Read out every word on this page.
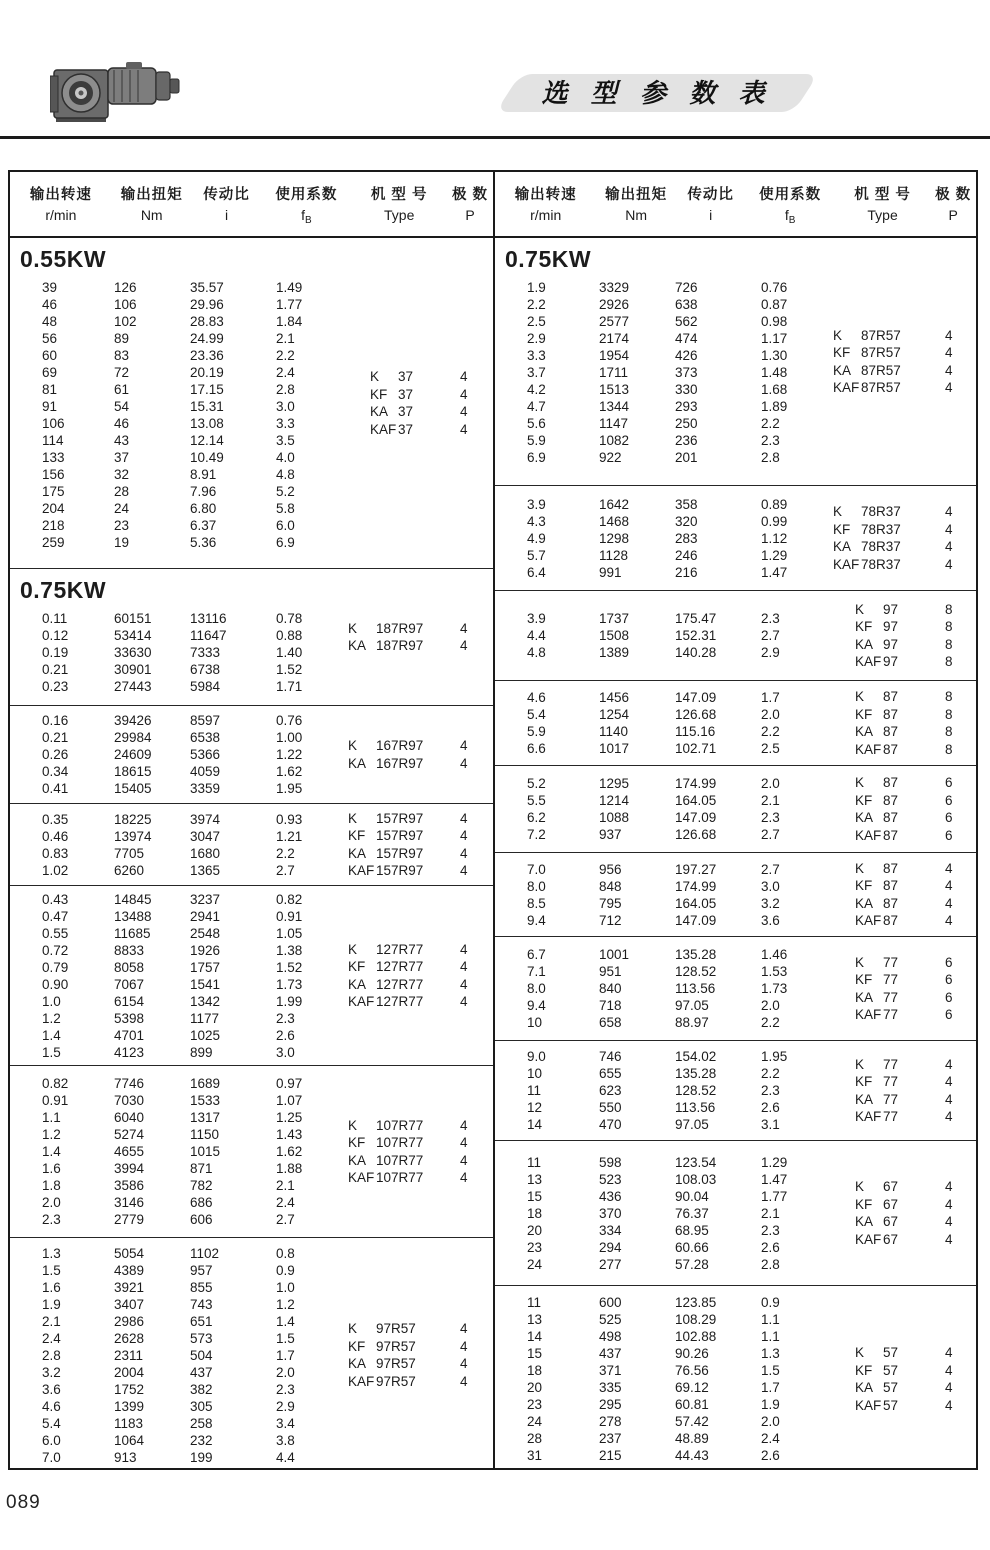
选 型 参 数 表
输出转速	输出扭矩	传动比	使用系数	机 型 号	极 数
r/min	Nm	i	$f_B$	Type	P
0.55KW
39	126	35.57	1.49
46	106	29.96	1.77
48	102	28.83	1.84
56	89	24.99	2.1
60	83	23.36	2.2
69	72	20.19	2.4
81	61	17.15	2.8
91	54	15.31	3.0
106	46	13.08	3.3
114	43	12.14	3.5
133	37	10.49	4.0
156	32	8.91	4.8
175	28	7.96	5.2
204	24	6.80	5.8
218	23	6.37	6.0
259	19	5.36	6.9
K	37	4
KF 37	4
KA 37	4
KAF 37	4
0.75KW
0.11	60151	13116	0.78
0.12	53414	11647	0.88
0.19	33630	7333	1.40
0.21	30901	6738	1.52
0.23	27443	5984	1.71
K	187R97	4
KA 187R97	4
0.16	39426	8597	0.76
0.21	29984	6538	1.00
0.26	24609	5366	1.22
0.34	18615	4059	1.62
0.41	15405	3359	1.95
K	167R97	4
KA 167R97	4
0.35	18225	3974	0.93
0.46	13974	3047	1.21
0.83	7705	1680	2.2
1.02	6260	1365	2.7
K	157R97	4
KF 157R97	4
KA 157R97	4
KAF 157R97	4
0.43	14845	3237	0.82
0.47	13488	2941	0.91
0.55	11685	2548	1.05
0.72	8833	1926	1.38
0.79	8058	1757	1.52
0.90	7067	1541	1.73
1.0	6154	1342	1.99
1.2	5398	1177	2.3
1.4	4701	1025	2.6
1.5	4123	899	3.0
K	127R77	4
KF 127R77	4
KA 127R77	4
KAF 127R77	4
0.82	7746	1689	0.97
0.91	7030	1533	1.07
1.1	6040	1317	1.25
1.2	5274	1150	1.43
1.4	4655	1015	1.62
1.6	3994	871	1.88
1.8	3586	782	2.1
2.0	3146	686	2.4
2.3	2779	606	2.7
K	107R77	4
KF 107R77	4
KA 107R77	4
KAF 107R77	4
1.3	5054	1102	0.8
1.5	4389	957	0.9
1.6	3921	855	1.0
1.9	3407	743	1.2
2.1	2986	651	1.4
2.4	2628	573	1.5
2.8	2311	504	1.7
3.2	2004	437	2.0
3.6	1752	382	2.3
4.6	1399	305	2.9
5.4	1183	258	3.4
6.0	1064	232	3.8
7.0	913	199	4.4
K	97R57	4
KF 97R57	4
KA 97R57	4
KAF 97R57	4
输出转速	输出扭矩	传动比	使用系数	机 型 号	极 数
r/min	Nm	i	$f_B$	Type	P
0.75KW
1.9	3329	726	0.76
2.2	2926	638	0.87
2.5	2577	562	0.98
2.9	2174	474	1.17
3.3	1954	426	1.30
3.7	1711	373	1.48
4.2	1513	330	1.68
4.7	1344	293	1.89
5.6	1147	250	2.2
5.9	1082	236	2.3
6.9	922	201	2.8
K	87R57	4
KF 87R57	4
KA 87R57	4
KAF 87R57	4
3.9	1642	358	0.89
4.3	1468	320	0.99
4.9	1298	283	1.12
5.7	1128	246	1.29
6.4	991	216	1.47
K	78R37	4
KF 78R37	4
KA 78R37	4
KAF 78R37	4
3.9	1737	175.47	2.3
4.4	1508	152.31	2.7
4.8	1389	140.28	2.9
K	97	8
KF 97	8
KA 97	8
KAF 97	8
4.6	1456	147.09	1.7
5.4	1254	126.68	2.0
5.9	1140	115.16	2.2
6.6	1017	102.71	2.5
K	87	8
KF 87	8
KA 87	8
KAF 87	8
5.2	1295	174.99	2.0
5.5	1214	164.05	2.1
6.2	1088	147.09	2.3
7.2	937	126.68	2.7
K	87	6
KF 87	6
KA 87	6
KAF 87	6
7.0	956	197.27	2.7
8.0	848	174.99	3.0
8.5	795	164.05	3.2
9.4	712	147.09	3.6
K	87	4
KF 87	4
KA 87	4
KAF 87	4
6.7	1001	135.28	1.46
7.1	951	128.52	1.53
8.0	840	113.56	1.73
9.4	718	97.05	2.0
10	658	88.97	2.2
K	77	6
KF 77	6
KA 77	6
KAF 77	6
9.0	746	154.02	1.95
10	655	135.28	2.2
11	623	128.52	2.3
12	550	113.56	2.6
14	470	97.05	3.1
K	77	4
KF 77	4
KA 77	4
KAF 77	4
11	598	123.54	1.29
13	523	108.03	1.47
15	436	90.04	1.77
18	370	76.37	2.1
20	334	68.95	2.3
23	294	60.66	2.6
24	277	57.28	2.8
K	67	4
KF 67	4
KA 67	4
KAF 67	4
11	600	123.85	0.9
13	525	108.29	1.1
14	498	102.88	1.1
15	437	90.26	1.3
18	371	76.56	1.5
20	335	69.12	1.7
23	295	60.81	1.9
24	278	57.42	2.0
28	237	48.89	2.4
31	215	44.43	2.6
K	57	4
KF 57	4
KA 57	4
KAF 57	4
089
